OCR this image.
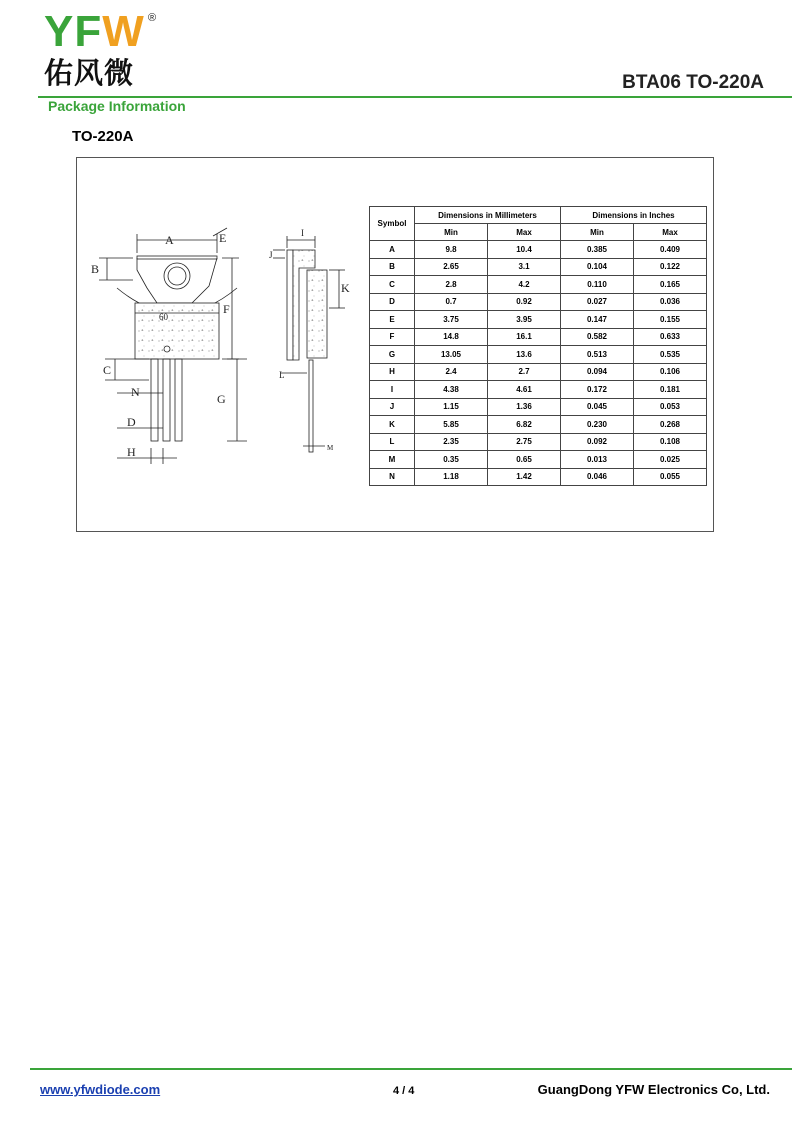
YFW ®
佑风微	BTA06 TO-220A
Package Information
TO-220A
A
B
C
D
E
F
G
H
I
J
K
L
M
N
60
Symbol	Dimensions in Millimeters		Dimensions in Inches	
	Min	Max	Min	Max
A	9.8	10.4	0.385	0.409
B	2.65	3.1	0.104	0.122
C	2.8	4.2	0.110	0.165
D	0.7	0.92	0.027	0.036
E	3.75	3.95	0.147	0.155
F	14.8	16.1	0.582	0.633
G	13.05	13.6	0.513	0.535
H	2.4	2.7	0.094	0.106
I	4.38	4.61	0.172	0.181
J	1.15	1.36	0.045	0.053
K	5.85	6.82	0.230	0.268
L	2.35	2.75	0.092	0.108
M	0.35	0.65	0.013	0.025
N	1.18	1.42	0.046	0.055
www.yfwdiode.com	4 / 4	GuangDong YFW Electronics Co, Ltd.
